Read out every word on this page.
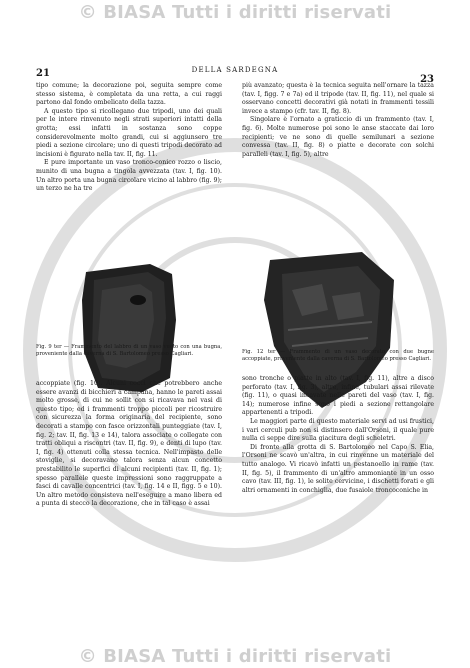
© BIASA Tutti i diritti riservati
21	DELLA SARDEGNA
23

tipo comune; la decorazione poi, seguita sempre come stesso sistema, è completata da una retta, a cui raggi partono dal fondo ombelicato della tazza.

A questo tipo si ricollegano due tripodi, uno dei quali per le intere rinvenuto negli strati superiori intatti della grotta; essi infatti in sostanza sono coppe considerevolmente molto grandi, cui si aggiunsero tre piedi a sezione circolare; uno di questi tripodi decorato ad incisioni è figurato nella tav. II, fig. 11.

E pure importante un vaso tronco-conico rozzo o liscio, munito di una bugna a tingola avvezzata (tav. I, fig. 10). Un altro porta una bugna circolare vicino al labbro (fig. 9); un terzo ne ha tre

più avanzato; questa è la tecnica seguita nell'ornare la tazza (tav. I, figg. 7 e 7a) ed il tripode (tav. II, fig. 11), nel quale si osservano concetti decorativi già notati in frammenti tessili invece a stampo (cfr. tav. II, fig. 8).

Singolare è l'ornato a graticcio di un frammento (tav. I, fig. 6). Molte numerose poi sono le anse staccate dai loro recipienti; ve ne sono di quelle semilunari a sezione convessa (tav. II, fig. 8) o piatte e decorate con solchi paralleli (tav. I, fig. 5), altre

Fig. 9 ter — Frammento del labbro di un vaso vuoto con una bugna, proveniente dalla caverna di S. Bartolomeo presso Cagliari.	Fig. 12 ter — Frammento di un vaso decorato con due bugne accoppiate, proveniente dalla caverna di S. Bartolomeo presso Cagliari.

accoppiate (fig. 10). Alcuni cocci che potrebbero anche essere avanzi di bicchieri a campana, hanno le pareti assai molto grosse, di cui ne sollit con si ricavava nel vasi di questo tipo; ed i frammenti troppo piccoli per ricostruire con sicurezza la forma originaria del recipiente, sono decorati a stampo con fasce orizzontali punteggiate (tav. I, fig. 2; tav. II, fig. 13 e 14), talora associate o collegate con tratti obliqui a riscontri (tav. II, fig. 9), e denti di lupo (tav. I, fig. 4) ottenuti colla stessa tecnica. Nell'impasto delle stoviglie, si decoravano talora senza alcun concetto prestabilito le superfici di alcuni recipienti (tav. II, fig. 1); spesso parallele queste impressioni sono raggruppate a fasci di cavalle concentrici (tav. I, fig. 14 e II, figg. 5 e 10). Un altro metodo consisteva nell'eseguire a mano libera ed a punta di stecco la decorazione, che in tal caso è assai

sono tronche o piatte in alto (tav. I, fig. 11), altre a disco perforato (tav. I, fig. 3), altre, infine, tubulari assai rilevate (fig. 11), o quasi incavate nelle pareti del vaso (tav. I, fig. 14); numerose infine sono i piedi a sezione rettangolare appartenenti a tripodi.

Le maggiori parte di questo materiale servi ad usi frustici, i vari cerculi pub non si distinsero dall'Orsoni, il quale pure nulla ci seppe dire sulla giacitura degli scheletri.

Di fronte alla grotta di S. Bartolomeo nel Capo S. Elia, l'Orsoni ne scavò un'altra, in cui rinvenne un materiale del tutto analogo. Vi ricavò infatti un pestanoello in rame (tav. II, fig. 5), il frammento di un'altro ammoniante in un osso cavo (tav. III, fig. 1), le solite cervicine, i dischetti forati e gli altri ornamenti in conchiglia, due fusaiole troncoconiche in

© BIASA Tutti i diritti riservati
